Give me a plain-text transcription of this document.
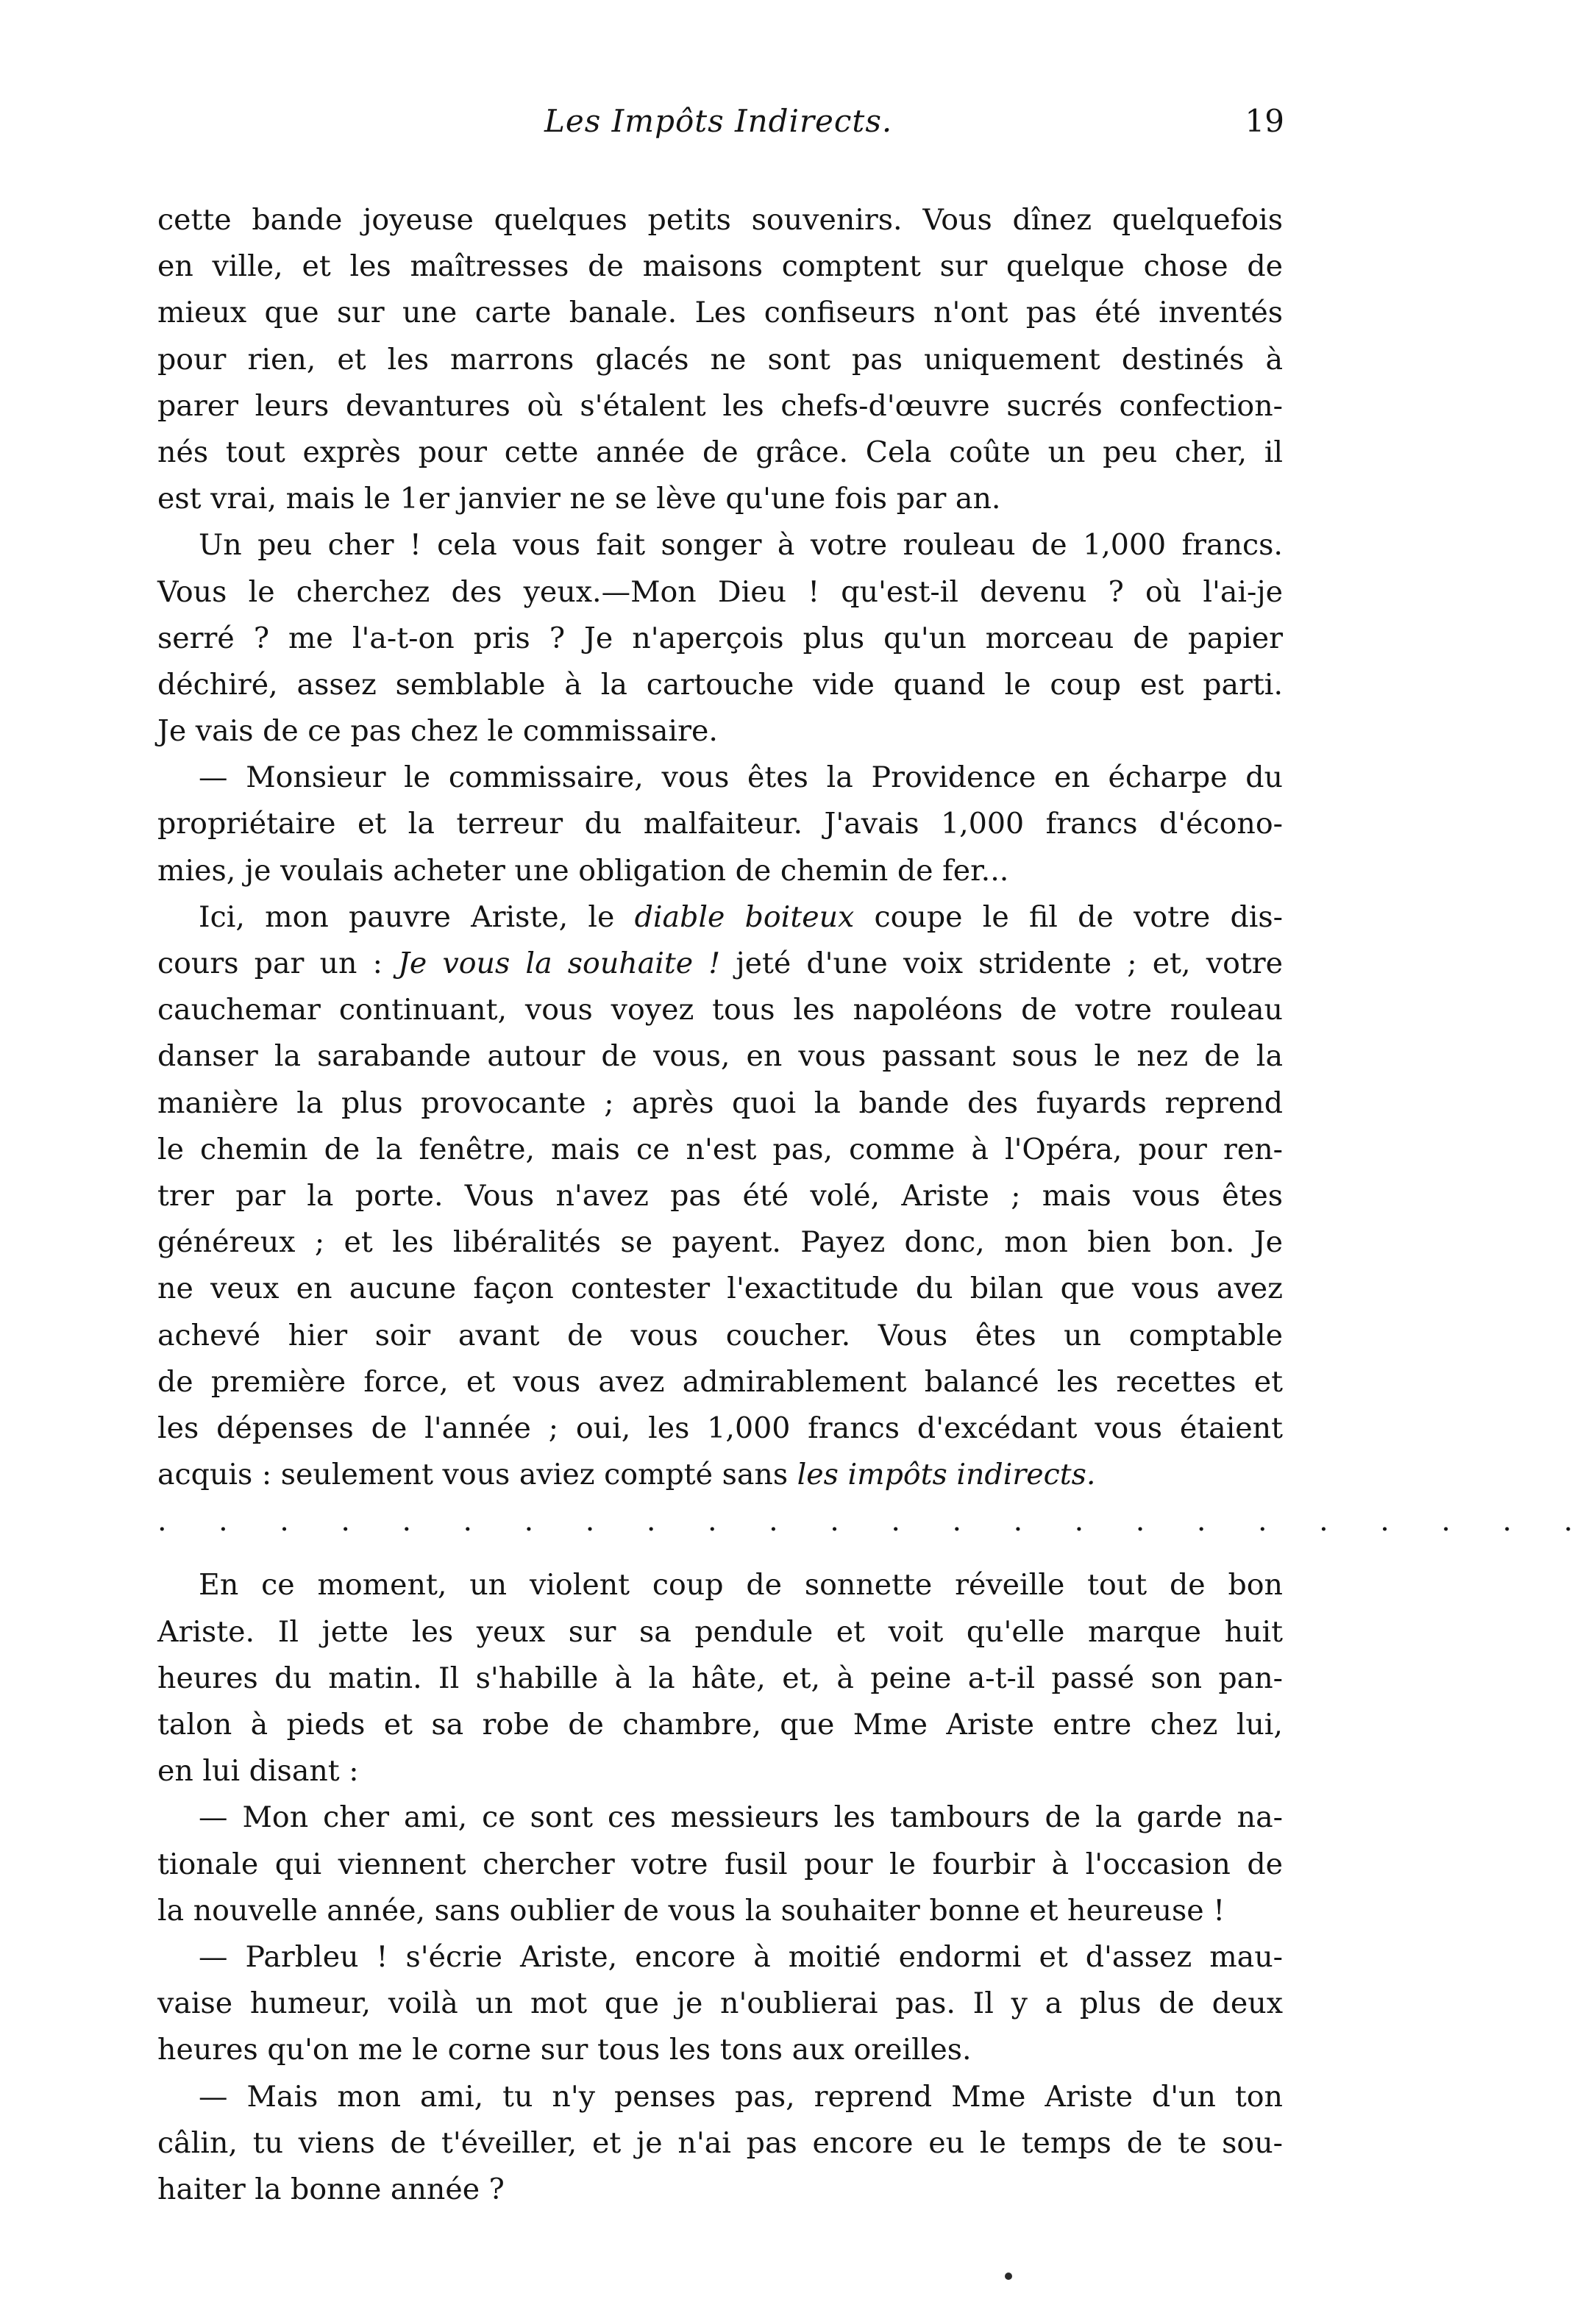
Les Impôts Indirects.	19
cette bande joyeuse quelques petits souvenirs. Vous dînez quelquefois
en ville, et les maîtresses de maisons comptent sur quelque chose de
mieux que sur une carte banale. Les confiseurs n'ont pas été inventés
pour rien, et les marrons glacés ne sont pas uniquement destinés à
parer leurs devantures où s'étalent les chefs-d'œuvre sucrés confection-
nés tout exprès pour cette année de grâce. Cela coûte un peu cher, il
est vrai, mais le 1er janvier ne se lève qu'une fois par an.
Un peu cher ! cela vous fait songer à votre rouleau de 1,000 francs.
Vous le cherchez des yeux.—Mon Dieu ! qu'est-il devenu ? où l'ai-je
serré ? me l'a-t-on pris ? Je n'aperçois plus qu'un morceau de papier
déchiré, assez semblable à la cartouche vide quand le coup est parti.
Je vais de ce pas chez le commissaire.
— Monsieur le commissaire, vous êtes la Providence en écharpe du
propriétaire et la terreur du malfaiteur. J'avais 1,000 francs d'écono-
mies, je voulais acheter une obligation de chemin de fer...
Ici, mon pauvre Ariste, le diable boiteux coupe le fil de votre dis-
cours par un : Je vous la souhaite ! jeté d'une voix stridente ; et, votre
cauchemar continuant, vous voyez tous les napoléons de votre rouleau
danser la sarabande autour de vous, en vous passant sous le nez de la
manière la plus provocante ; après quoi la bande des fuyards reprend
le chemin de la fenêtre, mais ce n'est pas, comme à l'Opéra, pour ren-
trer par la porte. Vous n'avez pas été volé, Ariste ; mais vous êtes
généreux ; et les libéralités se payent. Payez donc, mon bien bon. Je
ne veux en aucune façon contester l'exactitude du bilan que vous avez
achevé hier soir avant de vous coucher. Vous êtes un comptable
de première force, et vous avez admirablement balancé les recettes et
les dépenses de l'année ; oui, les 1,000 francs d'excédant vous étaient
acquis : seulement vous aviez compté sans les impôts indirects.
. . . . . . . . . . . . . . . . . . . . . . . .
En ce moment, un violent coup de sonnette réveille tout de bon
Ariste. Il jette les yeux sur sa pendule et voit qu'elle marque huit
heures du matin. Il s'habille à la hâte, et, à peine a-t-il passé son pan-
talon à pieds et sa robe de chambre, que Mme Ariste entre chez lui,
en lui disant :
— Mon cher ami, ce sont ces messieurs les tambours de la garde na-
tionale qui viennent chercher votre fusil pour le fourbir à l'occasion de
la nouvelle année, sans oublier de vous la souhaiter bonne et heureuse !
— Parbleu ! s'écrie Ariste, encore à moitié endormi et d'assez mau-
vaise humeur, voilà un mot que je n'oublierai pas. Il y a plus de deux
heures qu'on me le corne sur tous les tons aux oreilles.
— Mais mon ami, tu n'y penses pas, reprend Mme Ariste d'un ton
câlin, tu viens de t'éveiller, et je n'ai pas encore eu le temps de te sou-
haiter la bonne année ?
